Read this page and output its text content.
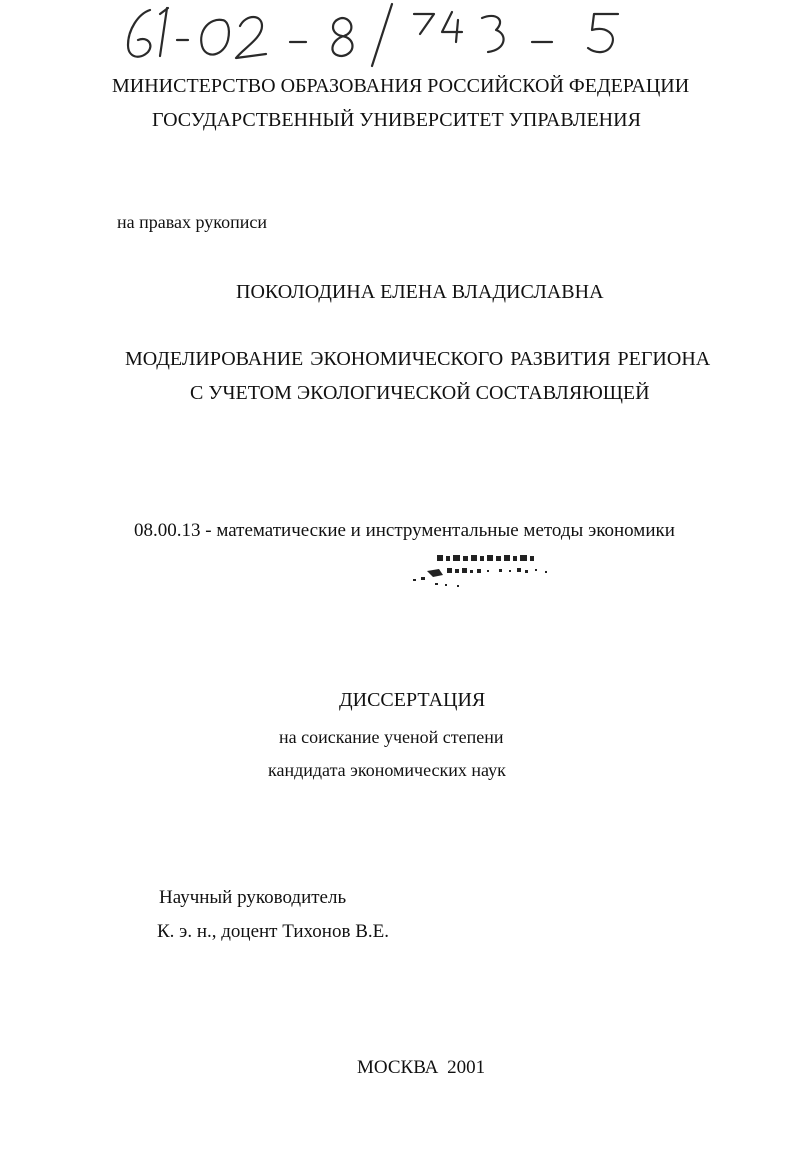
МИНИСТЕРСТВО ОБРАЗОВАНИЯ РОССИЙСКОЙ ФЕДЕРАЦИИ
ГОСУДАРСТВЕННЫЙ УНИВЕРСИТЕТ УПРАВЛЕНИЯ
на правах рукописи
ПОКОЛОДИНА ЕЛЕНА ВЛАДИСЛАВНА
МОДЕЛИРОВАНИЕ ЭКОНОМИЧЕСКОГО РАЗВИТИЯ РЕГИОНА
С УЧЕТОМ ЭКОЛОГИЧЕСКОЙ СОСТАВЛЯЮЩЕЙ
08.00.13 - математические и инструментальные методы экономики
ДИССЕРТАЦИЯ
на соискание ученой степени
кандидата экономических наук
Научный руководитель
К. э. н., доцент Тихонов В.Е.
МОСКВА 2001
